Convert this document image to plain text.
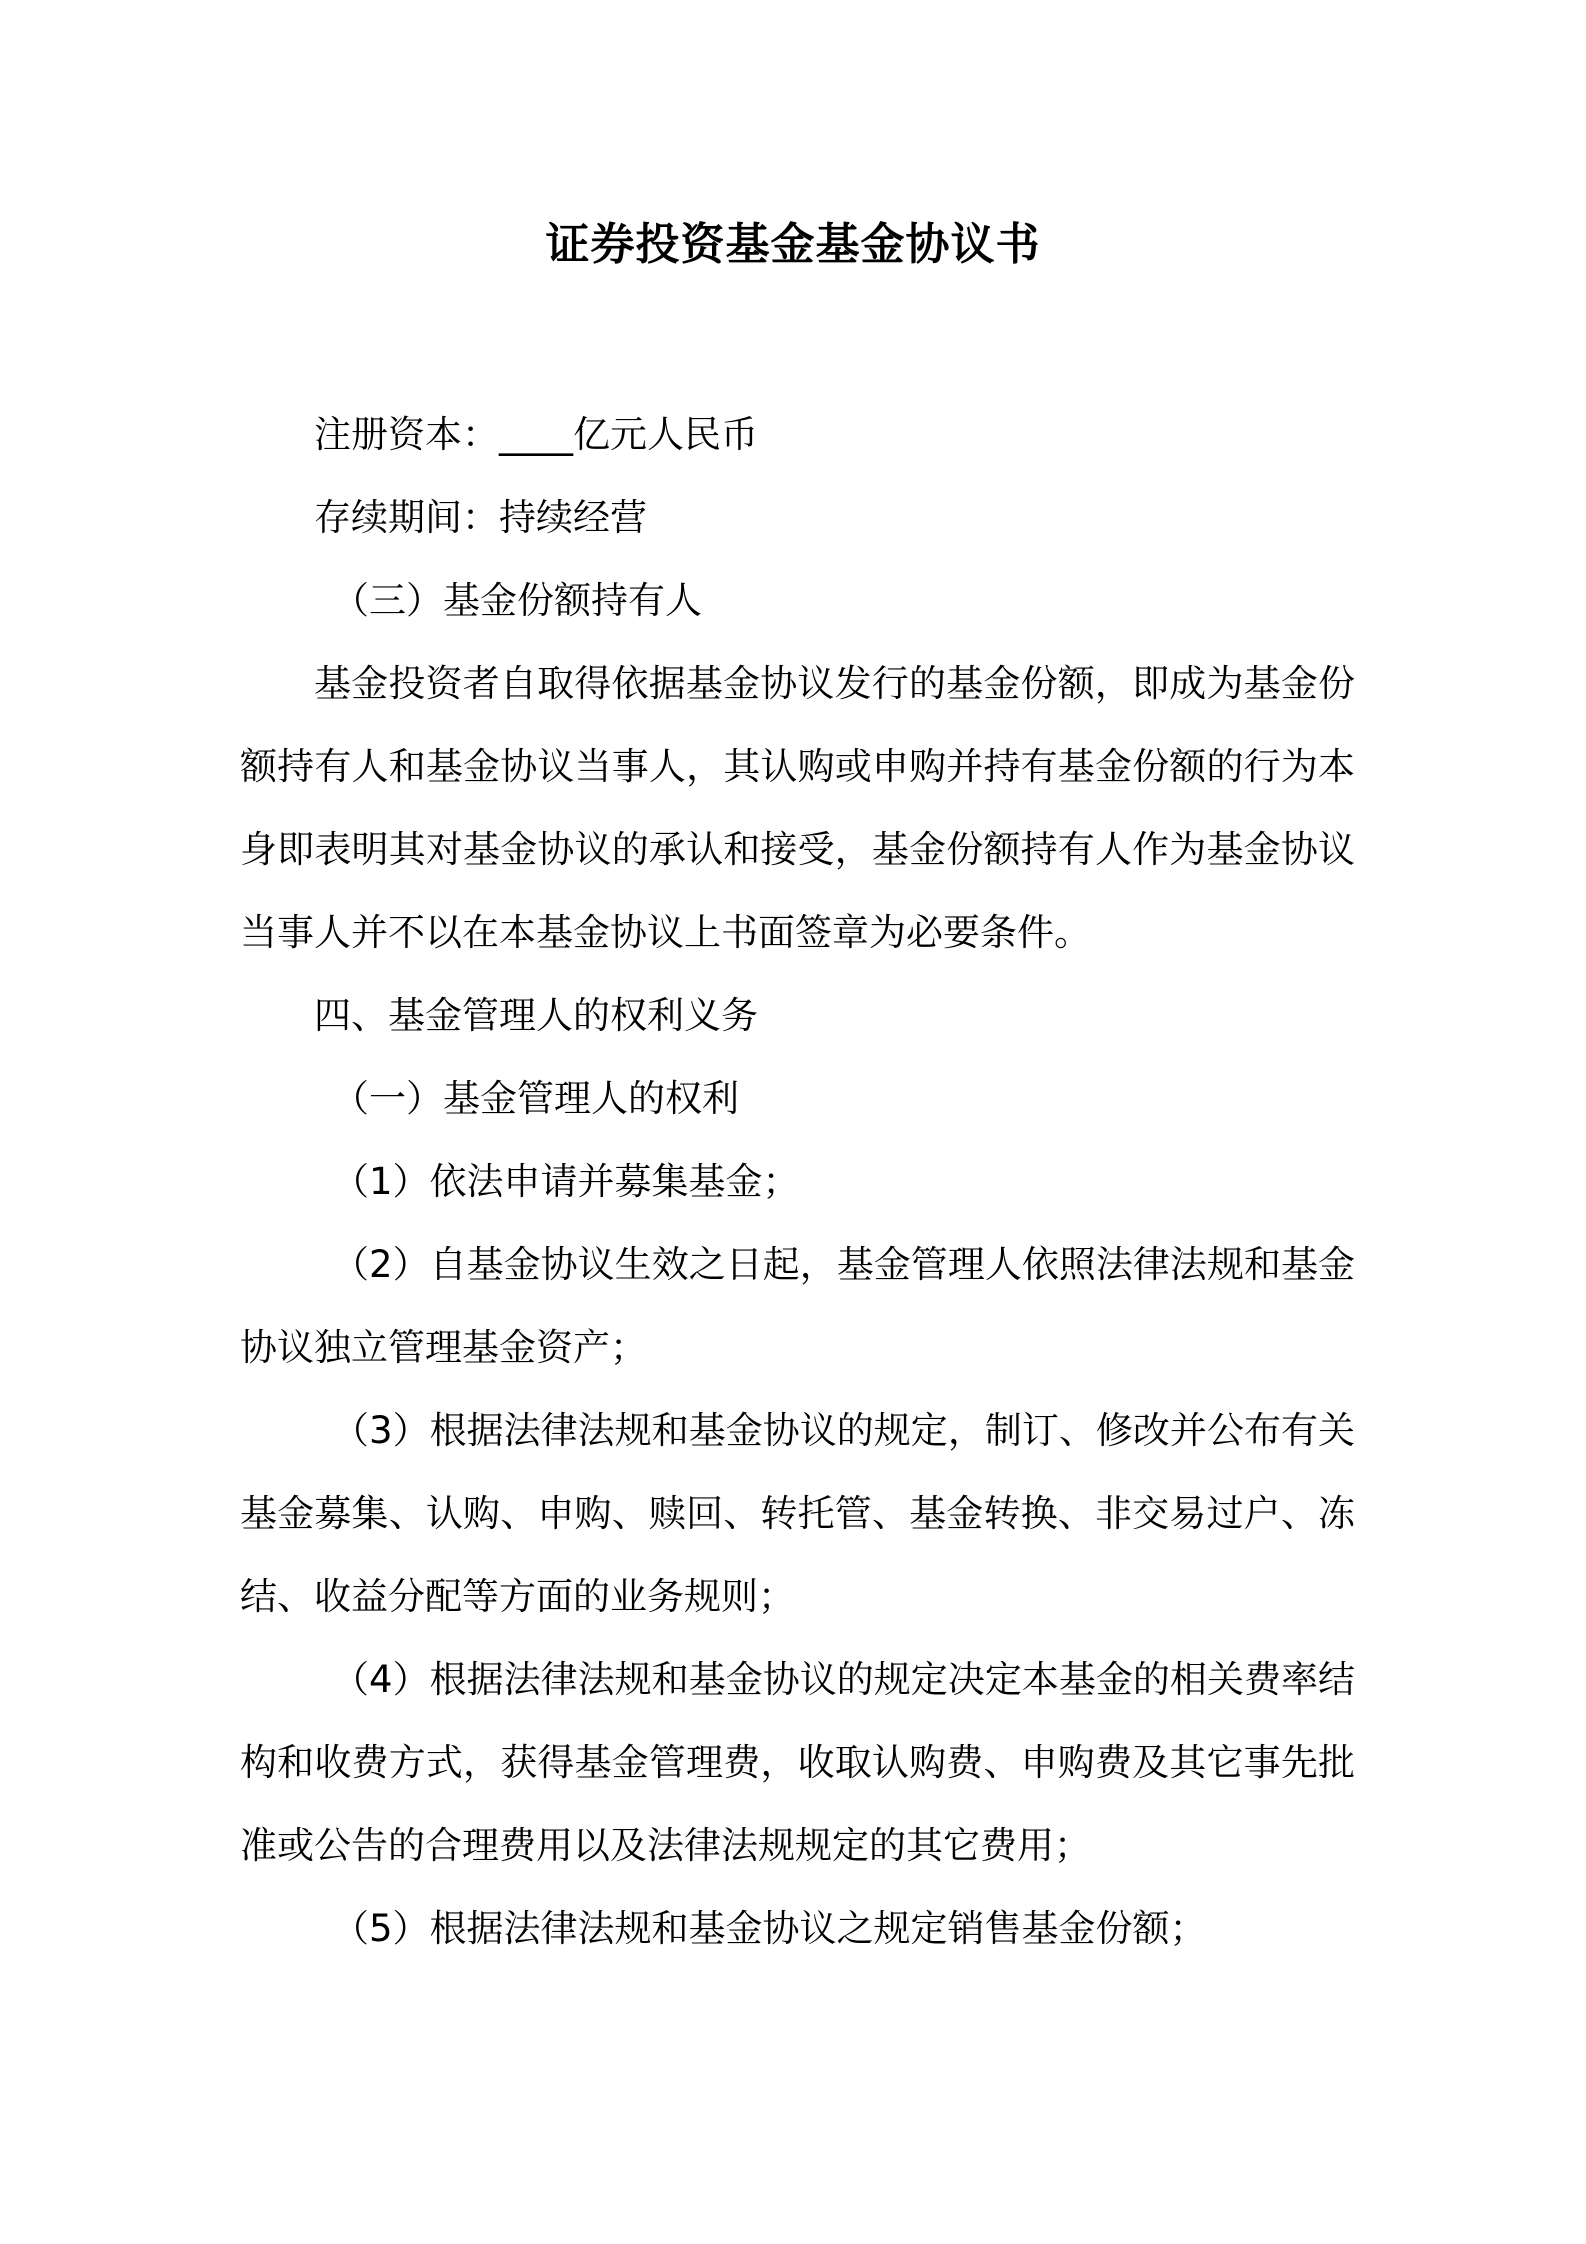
证券投资基金基金协议书

注册资本：____亿元人民币

存续期间：持续经营

（三）基金份额持有人

基金投资者自取得依据基金协议发行的基金份额，即成为基金份额持有人和基金协议当事人，其认购或申购并持有基金份额的行为本身即表明其对基金协议的承认和接受，基金份额持有人作为基金协议当事人并不以在本基金协议上书面签章为必要条件。

四、基金管理人的权利义务

（一）基金管理人的权利

（1）依法申请并募集基金；

（2）自基金协议生效之日起，基金管理人依照法律法规和基金协议独立管理基金资产；

（3）根据法律法规和基金协议的规定，制订、修改并公布有关基金募集、认购、申购、赎回、转托管、基金转换、非交易过户、冻结、收益分配等方面的业务规则；

（4）根据法律法规和基金协议的规定决定本基金的相关费率结构和收费方式，获得基金管理费，收取认购费、申购费及其它事先批准或公告的合理费用以及法律法规规定的其它费用；

（5）根据法律法规和基金协议之规定销售基金份额；
